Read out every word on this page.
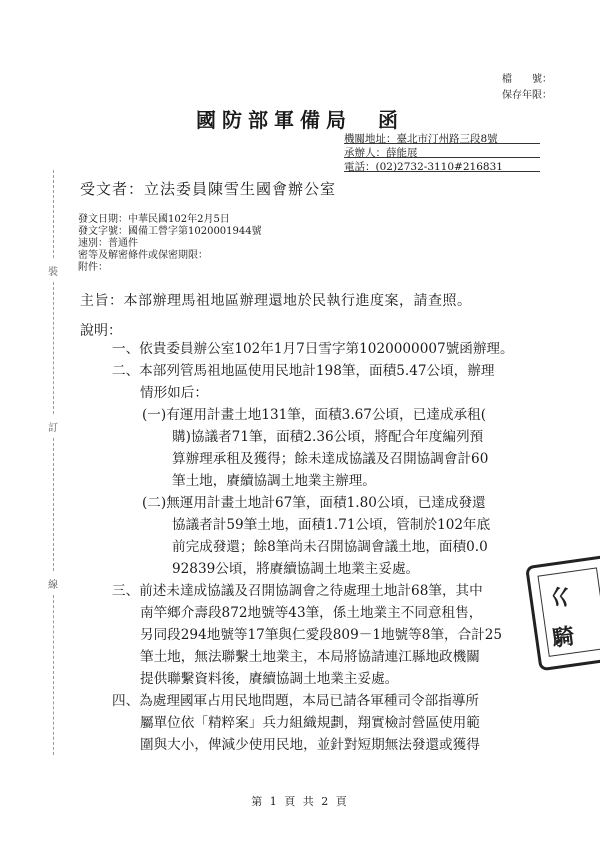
檔　　號：
保存年限：
國防部軍備局　函
機關地址：臺北市汀州路三段8號
承辦人：薛能展
電話：(02)2732-3110#216831
受文者：立法委員陳雪生國會辦公室
發文日期：中華民國102年2月5日
發文字號：國備工營字第1020001944號
速別：普通件
密等及解密條件或保密期限：
附件：
裝
訂
線
主旨：本部辦理馬祖地區辦理還地於民執行進度案，請查照。
說明：
一、依貴委員辦公室102年1月7日雪字第1020000007號函辦理。
二、本部列管馬祖地區使用民地計198筆，面積5.47公頃，辦理
情形如后：
(一)有運用計畫土地131筆，面積3.67公頃，已達成承租(
購)協議者71筆，面積2.36公頃，將配合年度編列預
算辦理承租及獲得；餘未達成協議及召開協調會計60
筆土地，賡續協調土地業主辦理。
(二)無運用計畫土地計67筆，面積1.80公頃，已達成發還
協議者計59筆土地，面積1.71公頃，管制於102年底
前完成發還；餘8筆尚未召開協調會議土地，面積0.0
92839公頃，將賡續協調土地業主妥處。
三、前述未達成協議及召開協調會之待處理土地計68筆，其中
南竿鄉介壽段872地號等43筆，係土地業主不同意租售，
另同段294地號等17筆與仁愛段809－1地號等8筆，合計25
筆土地，無法聯繫土地業主，本局將協請連江縣地政機關
提供聯繫資料後，賡續協調土地業主妥處。
四、為處理國軍占用民地問題，本局已請各軍種司令部指導所
屬單位依「精粹案」兵力組織規劃，翔實檢討營區使用範
圍與大小，俾減少使用民地，並針對短期無法發還或獲得
巜
騎
第 1 頁 共 2 頁
